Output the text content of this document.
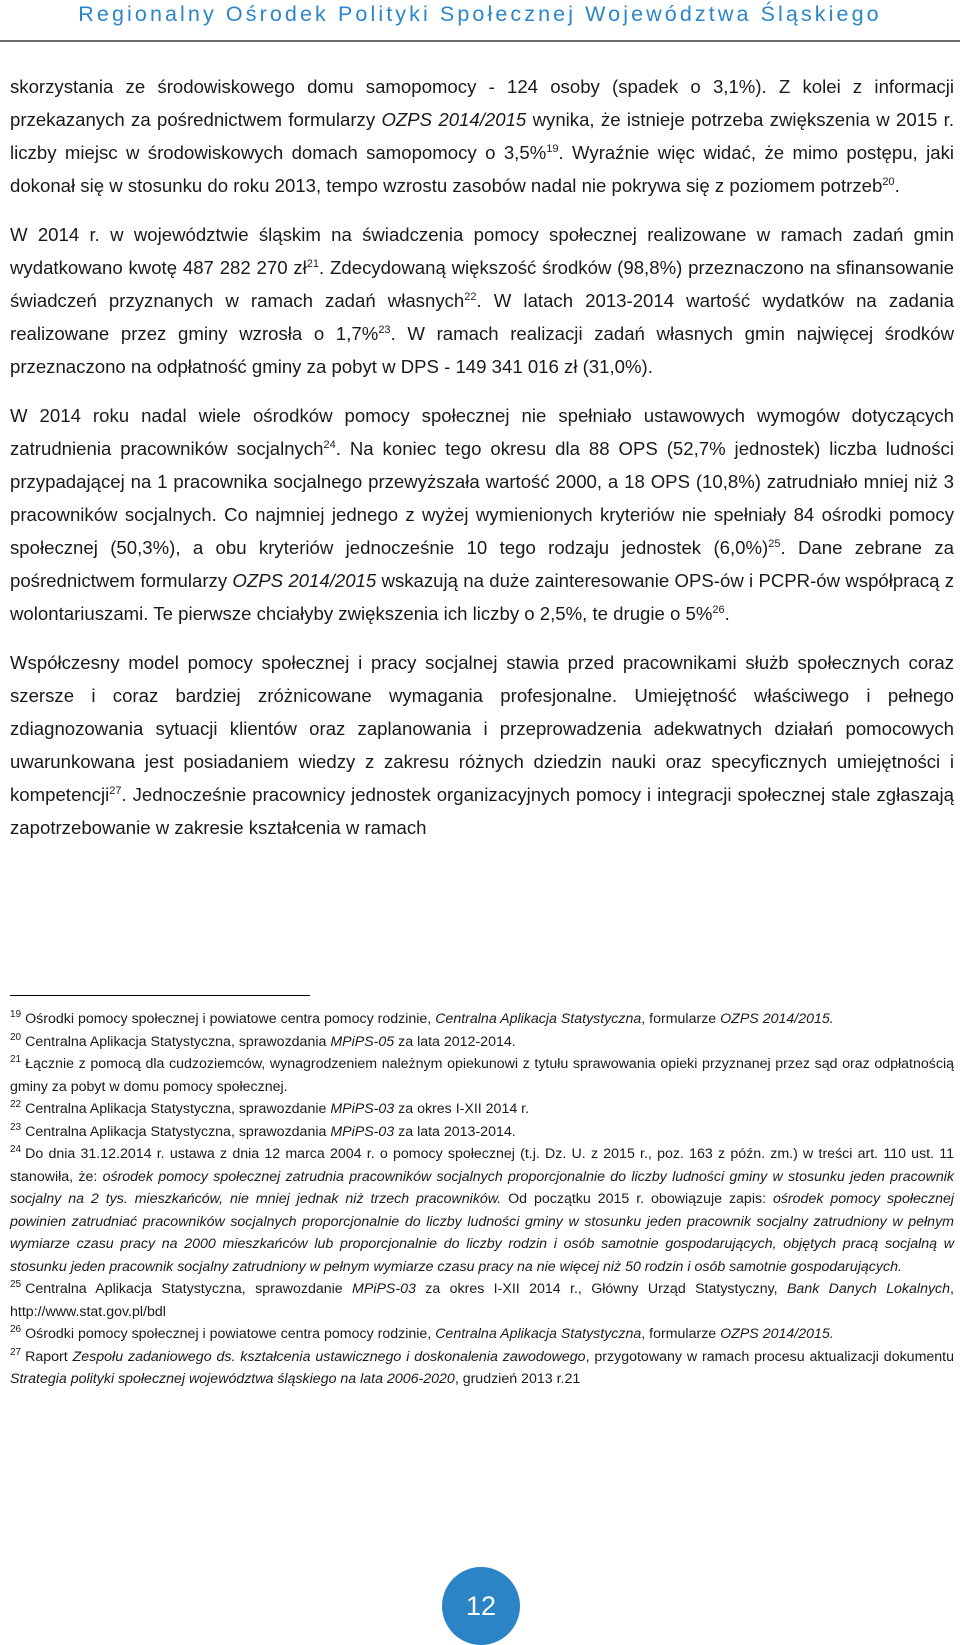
Regionalny Ośrodek Polityki Społecznej Województwa Śląskiego

skorzystania ze środowiskowego domu samopomocy - 124 osoby (spadek o 3,1%). Z kolei z informacji przekazanych za pośrednictwem formularzy OZPS 2014/2015 wynika, że istnieje potrzeba zwiększenia w 2015 r. liczby miejsc w środowiskowych domach samopomocy o 3,5%$^{19}$. Wyraźnie więc widać, że mimo postępu, jaki dokonał się w stosunku do roku 2013, tempo wzrostu zasobów nadal nie pokrywa się z poziomem potrzeb$^{20}$.

W 2014 r. w województwie śląskim na świadczenia pomocy społecznej realizowane w ramach zadań gmin wydatkowano kwotę 487 282 270 $zł^{21}$. Zdecydowaną większość środków (98,8%) przeznaczono na sfinansowanie świadczeń przyznanych w ramach zadań własnych$^{22}$. W latach 2013-2014 wartość wydatków na zadania realizowane przez gminy wzrosła o 1,7%$^{23}$. W ramach realizacji zadań własnych gmin najwięcej środków przeznaczono na odpłatność gminy za pobyt w DPS - 149 341 016 zł (31,0%).

W 2014 roku nadal wiele ośrodków pomocy społecznej nie spełniało ustawowych wymogów dotyczących zatrudnienia pracowników socjalnych$^{24}$. Na koniec tego okresu dla 88 OPS (52,7% jednostek) liczba ludności przypadającej na 1 pracownika socjalnego przewyższała wartość 2000, a 18 OPS (10,8%) zatrudniało mniej niż 3 pracowników socjalnych. Co najmniej jednego z wyżej wymienionych kryteriów nie spełniały 84 ośrodki pomocy społecznej (50,3%), a obu kryteriów jednocześnie 10 tego rodzaju jednostek $(6,0\%)^{25}$. Dane zebrane za pośrednictwem formularzy OZPS 2014/2015 wskazują na duże zainteresowanie OPS-ów i PCPR-ów współpracą z wolontariuszami. Te pierwsze chciałyby zwiększenia ich liczby o 2,5%, te drugie o 5%$^{26}$.

Współczesny model pomocy społecznej i pracy socjalnej stawia przed pracownikami służb społecznych coraz szersze i coraz bardziej zróżnicowane wymagania profesjonalne. Umiejętność właściwego i pełnego zdiagnozowania sytuacji klientów oraz zaplanowania i przeprowadzenia adekwatnych działań pomocowych uwarunkowana jest posiadaniem wiedzy z zakresu różnych dziedzin nauki oraz specyficznych umiejętności i kompetencji$^{27}$. Jednocześnie pracownicy jednostek organizacyjnych pomocy i integracji społecznej stale zgłaszają zapotrzebowanie w zakresie kształcenia w ramach

$^{19}$ Ośrodki pomocy społecznej i powiatowe centra pomocy rodzinie, Centralna Aplikacja Statystyczna, formularze OZPS 2014/2015.

$^{20}$ Centralna Aplikacja Statystyczna, sprawozdania MPiPS-05 za lata 2012-2014.

$^{21}$ Łącznie z pomocą dla cudzoziemców, wynagrodzeniem należnym opiekunowi z tytułu sprawowania opieki przyznanej przez sąd oraz odpłatnością gminy za pobyt w domu pomocy społecznej.

$^{22}$ Centralna Aplikacja Statystyczna, sprawozdanie MPiPS-03 za okres I-XII 2014 r.

$^{23}$ Centralna Aplikacja Statystyczna, sprawozdania MPiPS-03 za lata 2013-2014.

$^{24}$ Do dnia 31.12.2014 r. ustawa z dnia 12 marca 2004 r. o pomocy społecznej (t.j. Dz. U. z 2015 r., poz. 163 z późn. zm.) w treści art. 110 ust. 11 stanowiła, że: ośrodek pomocy społecznej zatrudnia pracowników socjalnych proporcjonalnie do liczby ludności gminy w stosunku jeden pracownik socjalny na 2 tys. mieszkańców, nie mniej jednak niż trzech pracowników. Od początku 2015 r. obowiązuje zapis: ośrodek pomocy społecznej powinien zatrudniać pracowników socjalnych proporcjonalnie do liczby ludności gminy w stosunku jeden pracownik socjalny zatrudniony w pełnym wymiarze czasu pracy na 2000 mieszkańców lub proporcjonalnie do liczby rodzin i osób samotnie gospodarujących, objętych pracą socjalną w stosunku jeden pracownik socjalny zatrudniony w pełnym wymiarze czasu pracy na nie więcej niż 50 rodzin i osób samotnie gospodarujących.

$^{25}$ Centralna Aplikacja Statystyczna, sprawozdanie MPiPS-03 za okres I-XII 2014 r., Główny Urząd Statystyczny, Bank Danych Lokalnych, http://www.stat.gov.pl/bdl

$^{26}$ Ośrodki pomocy społecznej i powiatowe centra pomocy rodzinie, Centralna Aplikacja Statystyczna, formularze OZPS 2014/2015.

$^{27}$ Raport Zespołu zadaniowego ds. kształcenia ustawicznego i doskonalenia zawodowego, przygotowany w ramach procesu aktualizacji dokumentu Strategia polityki społecznej województwa śląskiego na lata 2006-2020, grudzień 2013 r.21

12
